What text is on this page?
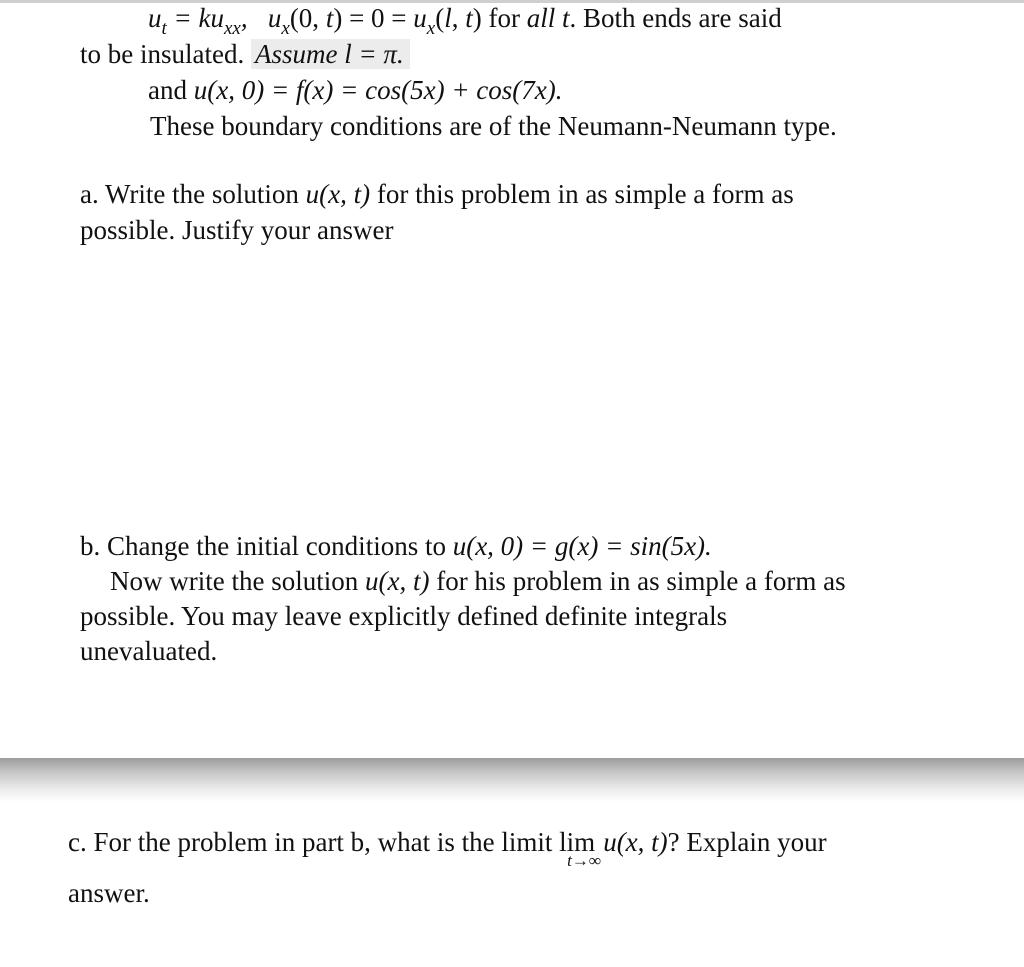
$u_t = ku_{xx}$, $u_x(0$, $t) = 0 = u_x(l$, t) for all t. Both ends are said
to be insulated. Assume l = π.
and u(x, 0) = f(x) = cos(5x) + cos(7x).
These boundary conditions are of the Neumann-Neumann type.
a. Write the solution u(x, t) for this problem in as simple a form as
possible. Justify your answer
b. Change the initial conditions to u(x, 0) = g(x) = sin(5x).
Now write the solution u(x, t) for his problem in as simple a form as
possible. You may leave explicitly defined definite integrals
unevaluated.
c. For the problem in part b, what is the limit lim
t→∞
u(x, t)? Explain your
answer.
